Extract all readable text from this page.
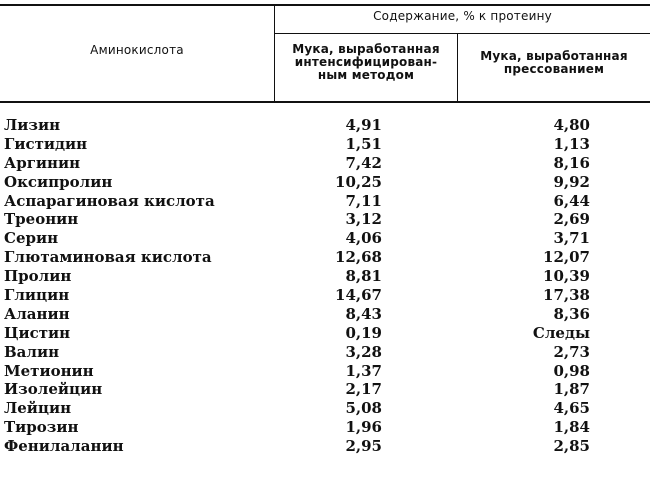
Аминокислота
Содержание, % к протеину
Мука, выработанная
интенсифицирован-
ным методом
Мука, выработанная
прессованием
Лизин	4,91	4,80
Гистидин	1,51	1,13
Аргинин	7,42	8,16
Оксипролин	10,25	9,92
Аспарагиновая кислота	7,11	6,44
Треонин	3,12	2,69
Серин	4,06	3,71
Глютаминовая кислота	12,68	12,07
Пролин	8,81	10,39
Глицин	14,67	17,38
Аланин	8,43	8,36
Цистин	0,19	Следы
Валин	3,28	2,73
Метионин	1,37	0,98
Изолейцин	2,17	1,87
Лейцин	5,08	4,65
Тирозин	1,96	1,84
Фенилаланин	2,95	2,85
